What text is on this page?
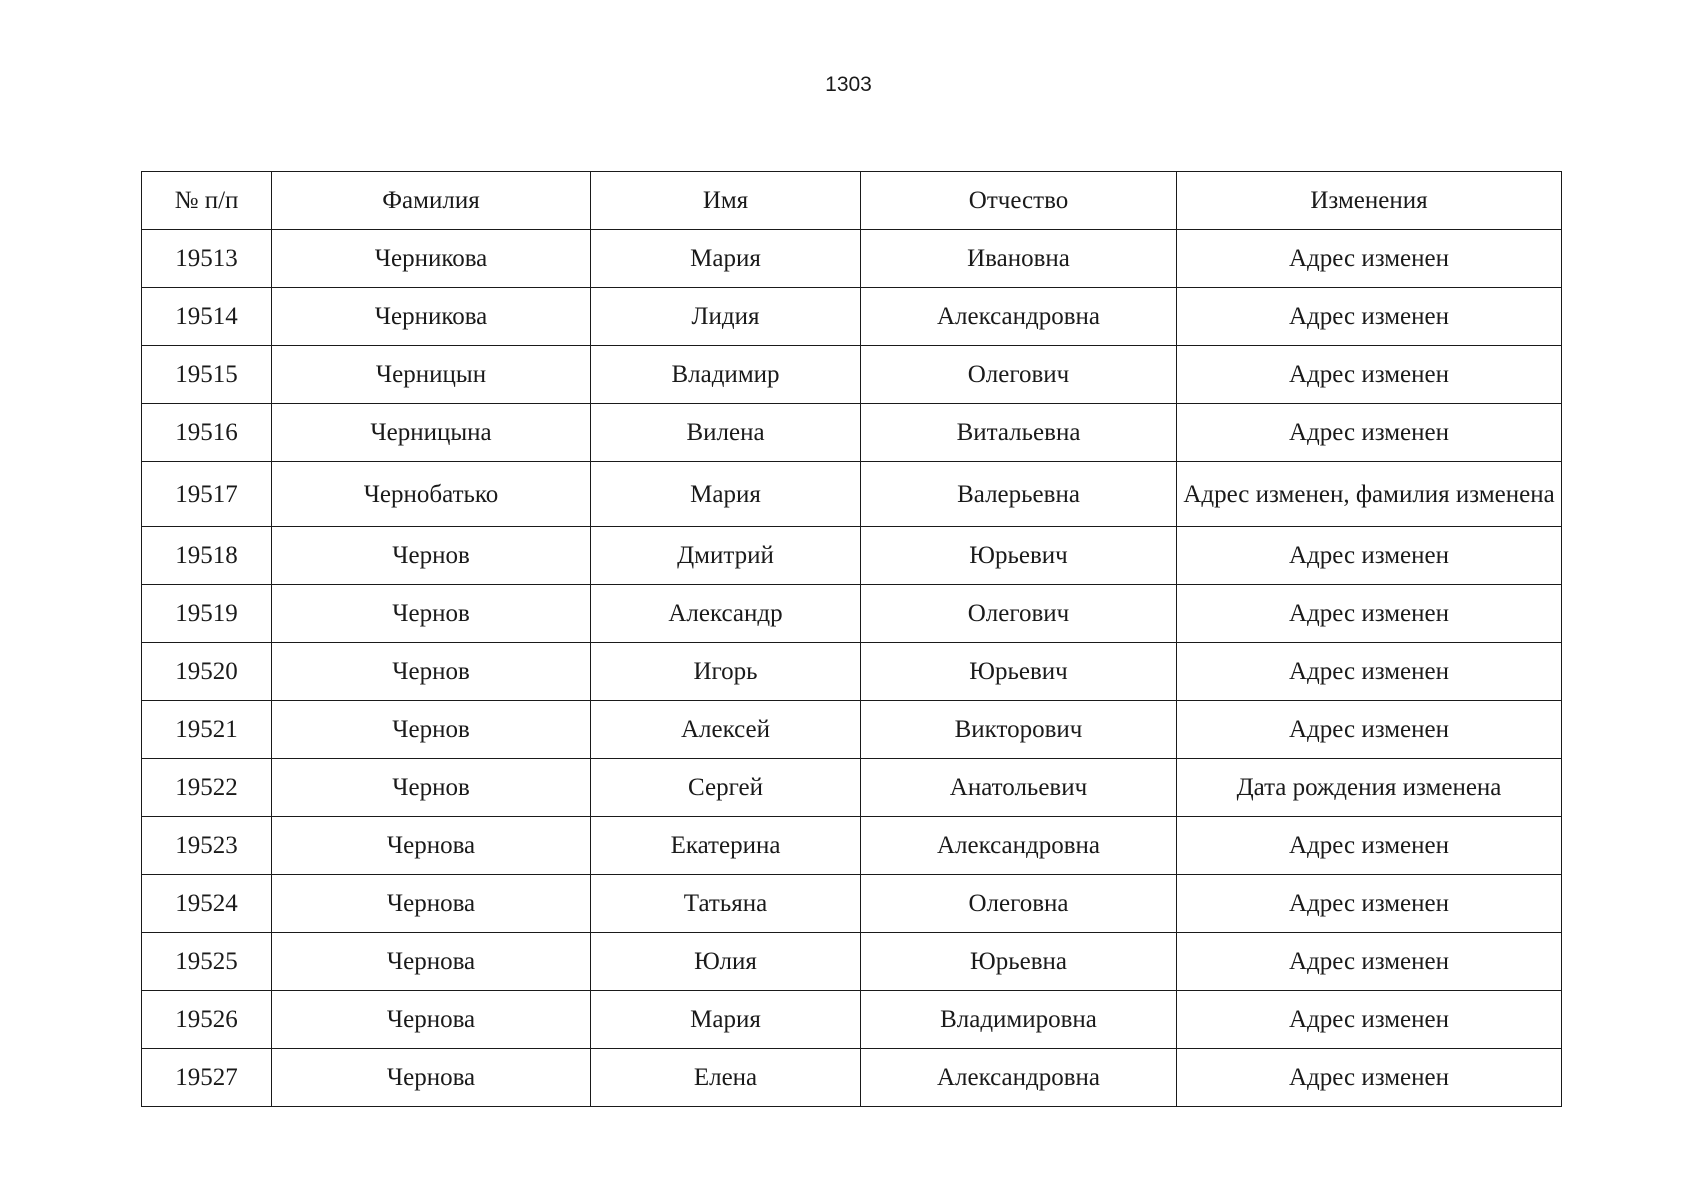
1303
№ п/п	Фамилия	Имя	Отчество	Изменения
19513	Черникова	Мария	Ивановна	Адрес изменен
19514	Черникова	Лидия	Александровна	Адрес изменен
19515	Черницын	Владимир	Олегович	Адрес изменен
19516	Черницына	Вилена	Витальевна	Адрес изменен
19517	Чернобатько	Мария	Валерьевна	Адрес изменен, фамилия изменена
19518	Чернов	Дмитрий	Юрьевич	Адрес изменен
19519	Чернов	Александр	Олегович	Адрес изменен
19520	Чернов	Игорь	Юрьевич	Адрес изменен
19521	Чернов	Алексей	Викторович	Адрес изменен
19522	Чернов	Сергей	Анатольевич	Дата рождения изменена
19523	Чернова	Екатерина	Александровна	Адрес изменен
19524	Чернова	Татьяна	Олеговна	Адрес изменен
19525	Чернова	Юлия	Юрьевна	Адрес изменен
19526	Чернова	Мария	Владимировна	Адрес изменен
19527	Чернова	Елена	Александровна	Адрес изменен
